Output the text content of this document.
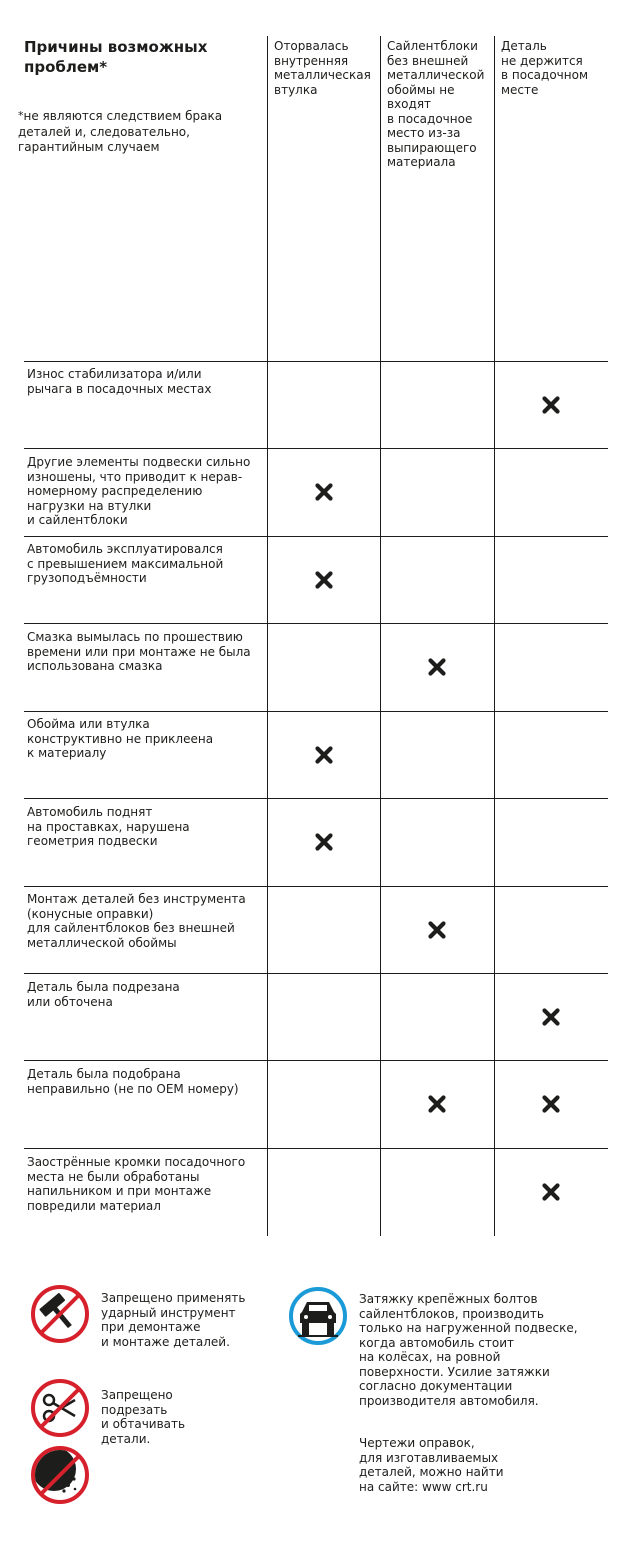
Причины возможных проблем*
*не являются следствием брака деталей и, следовательно, гарантийным случаем
Оторвалась
внутренняя
металлическая
втулка
Сайлентблоки
без внешней
металлической
обоймы не
входят
в посадочное
место из-за
выпирающего
материала
Деталь
не держится
в посадочном
месте
Износ стабилизатора и/или
рычага в посадочных местах
Другие элементы подвески сильно
изношены, что приводит к нерав-
номерному распределению
нагрузки на втулки
и сайлентблоки
Автомобиль эксплуатировался
с превышением максимальной
грузоподъёмности
Смазка вымылась по прошествию
времени или при монтаже не была
использована смазка
Обойма или втулка
конструктивно не приклеена
к материалу
Автомобиль поднят
на проставках, нарушена
геометрия подвески
Монтаж деталей без инструмента
(конусные оправки)
для сайлентблоков без внешней
металлической обоймы
Деталь была подрезана
или обточена
Деталь была подобрана
неправильно (не по OEM номеру)
Заострённые кромки посадочного
места не были обработаны
напильником и при монтаже
повредили материал
Запрещено применять
ударный инструмент
при демонтаже
и монтаже деталей.
Запрещено
подрезать
и обтачивать
детали.
Затяжку крепёжных болтов
сайлентблоков, производить
только на нагруженной подвеске,
когда автомобиль стоит
на колёсах, на ровной
поверхности. Усилие затяжки
согласно документации
производителя автомобиля.
Чертежи оправок,
для изготавливаемых
деталей, можно найти
на сайте: www crt.ru
